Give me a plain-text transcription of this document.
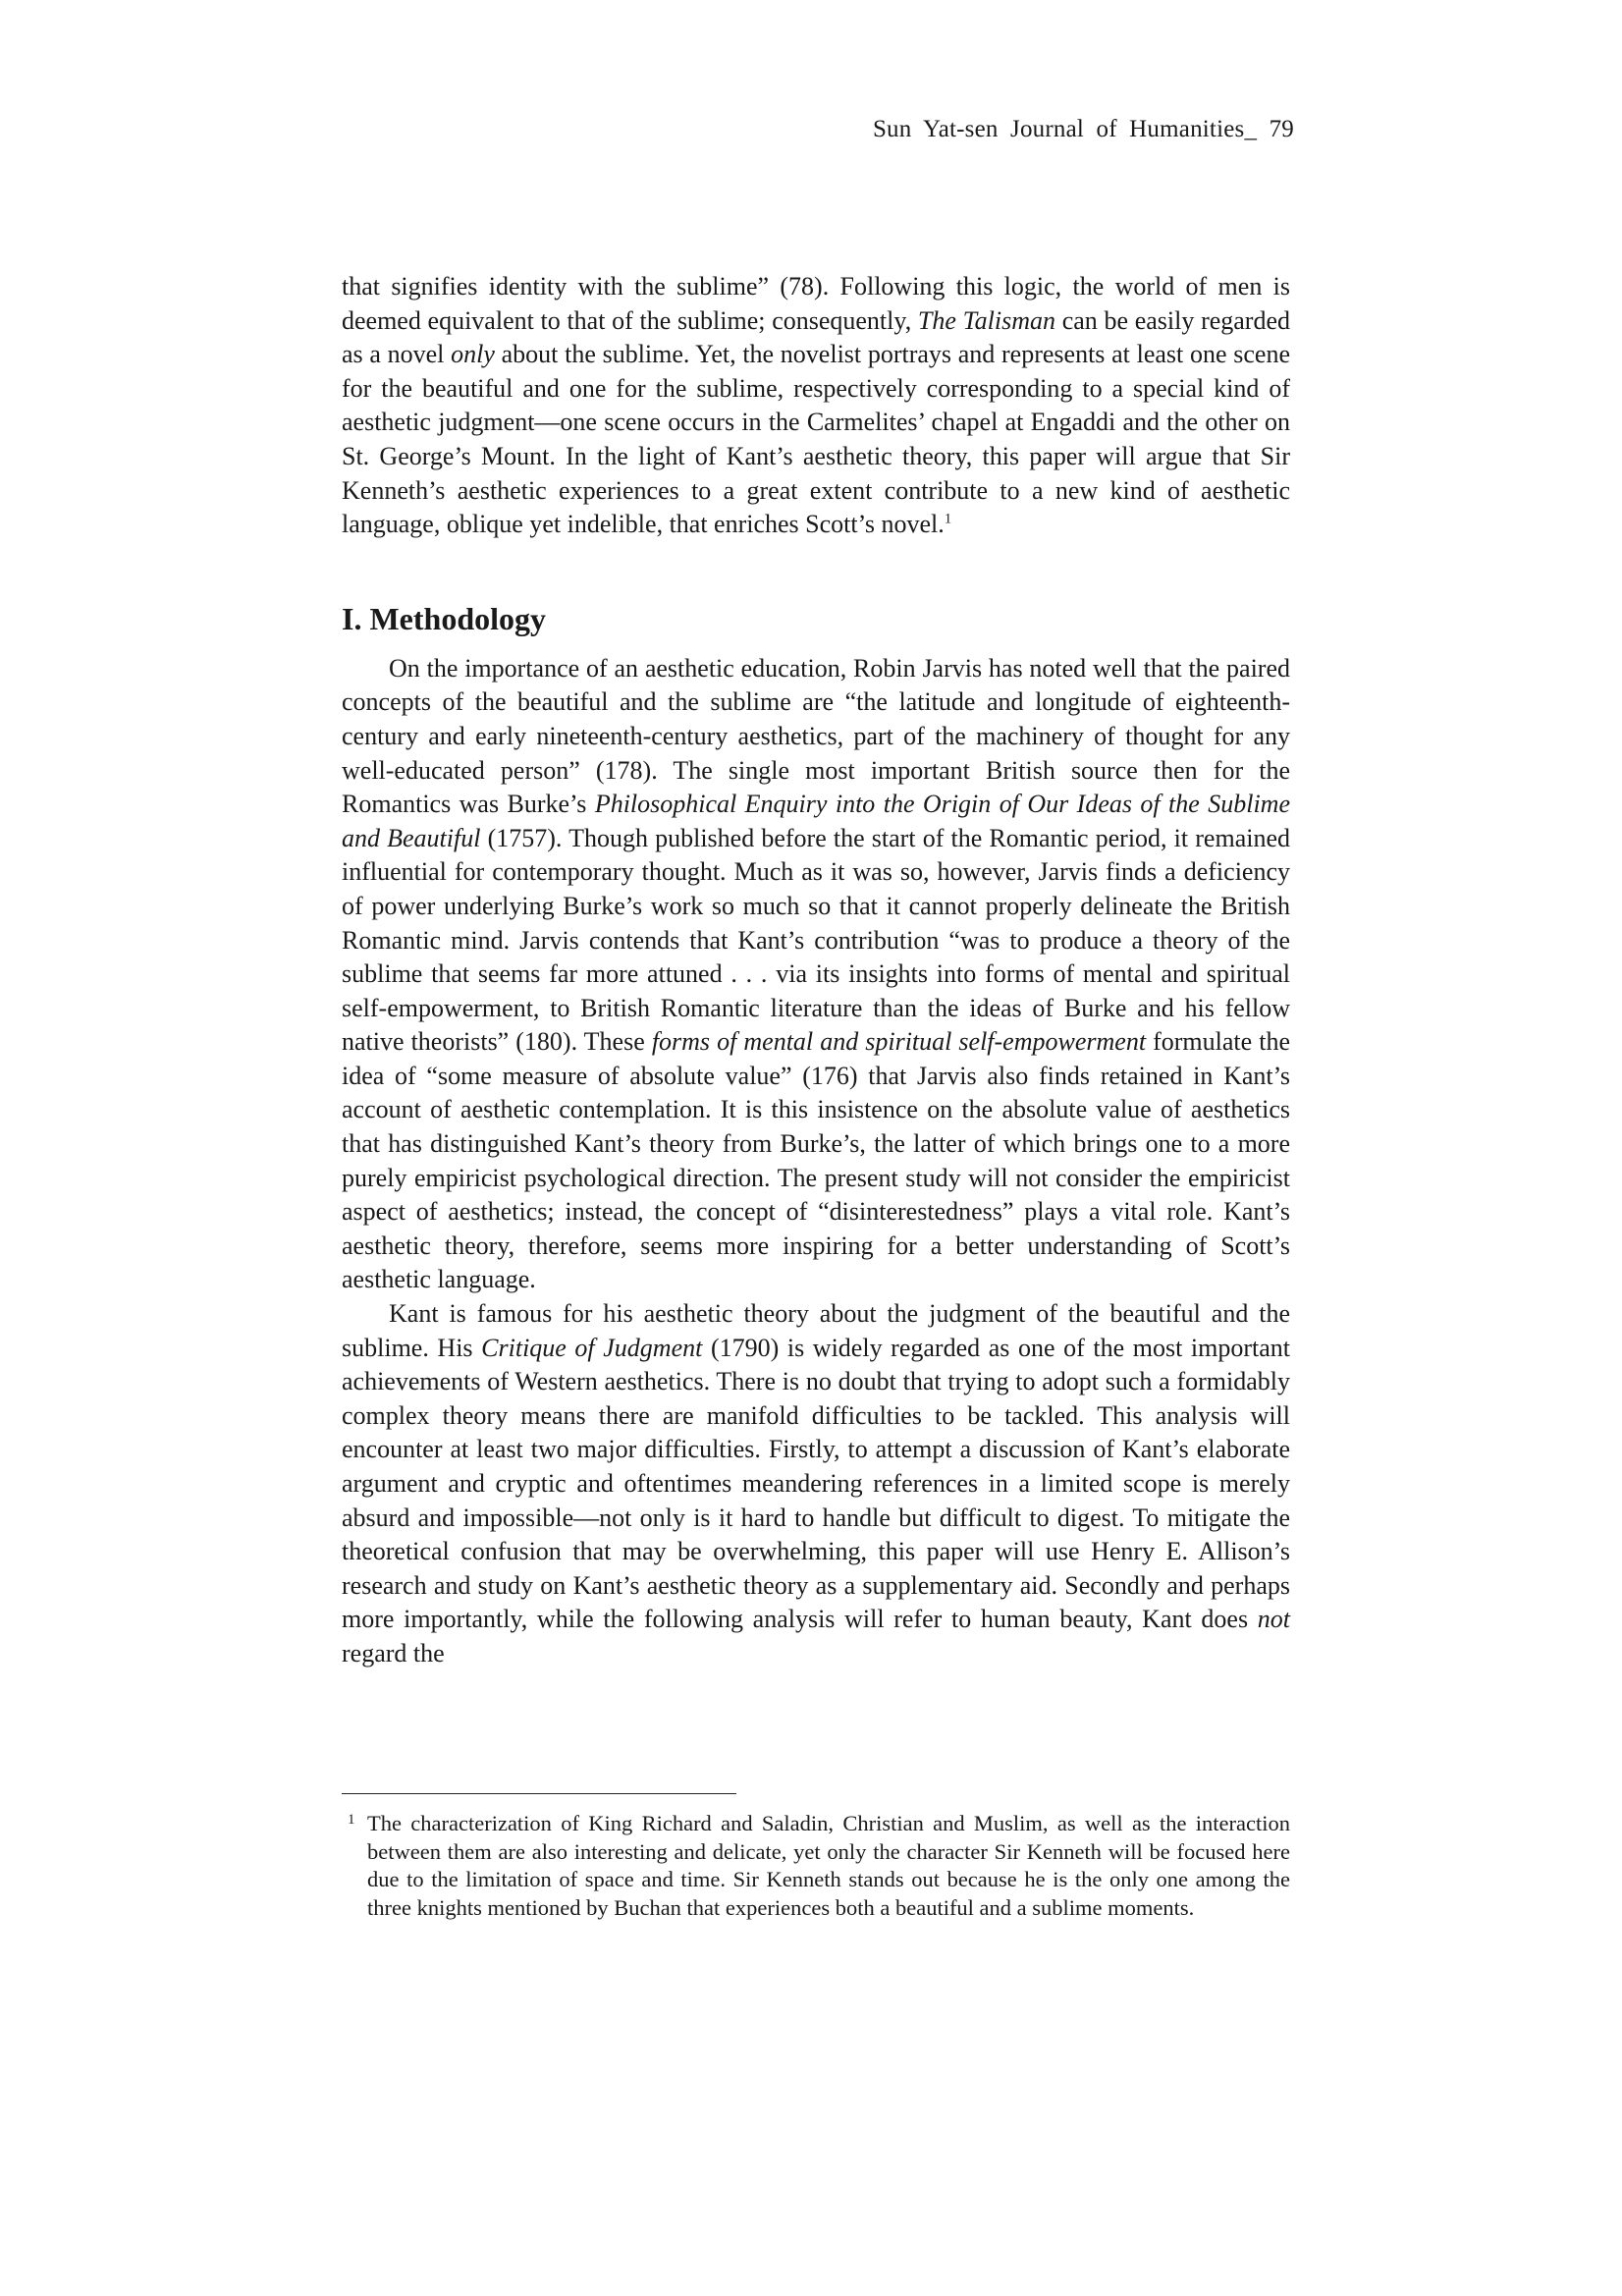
Sun Yat-sen Journal of Humanities_ 79

that signifies identity with the sublime” (78). Following this logic, the world of men is deemed equivalent to that of the sublime; consequently, The Talisman can be easily regarded as a novel only about the sublime. Yet, the novelist portrays and represents at least one scene for the beautiful and one for the sublime, respectively corresponding to a special kind of aesthetic judgment—one scene occurs in the Carmelites’ chapel at Engaddi and the other on St. George’s Mount. In the light of Kant’s aesthetic theory, this paper will argue that Sir Kenneth’s aesthetic experiences to a great extent contribute to a new kind of aesthetic language, oblique yet indelible, that enriches Scott’s novel.$^1$

I. Methodology

On the importance of an aesthetic education, Robin Jarvis has noted well that the paired concepts of the beautiful and the sublime are “the latitude and longitude of eighteenth-century and early nineteenth-century aesthetics, part of the machinery of thought for any well-educated person” (178). The single most important British source then for the Romantics was Burke’s Philosophical Enquiry into the Origin of Our Ideas of the Sublime and Beautiful (1757). Though published before the start of the Romantic period, it remained influential for contemporary thought. Much as it was so, however, Jarvis finds a deficiency of power underlying Burke’s work so much so that it cannot properly delineate the British Romantic mind. Jarvis contends that Kant’s contribution “was to produce a theory of the sublime that seems far more attuned . . . via its insights into forms of mental and spiritual self-empowerment, to British Romantic literature than the ideas of Burke and his fellow native theorists” (180). These forms of mental and spiritual self-empowerment formulate the idea of “some measure of absolute value” (176) that Jarvis also finds retained in Kant’s account of aesthetic contemplation. It is this insistence on the absolute value of aesthetics that has distinguished Kant’s theory from Burke’s, the latter of which brings one to a more purely empiricist psychological direction. The present study will not consider the empiricist aspect of aesthetics; instead, the concept of “disinterestedness” plays a vital role. Kant’s aesthetic theory, therefore, seems more inspiring for a better understanding of Scott’s aesthetic language.

Kant is famous for his aesthetic theory about the judgment of the beautiful and the sublime. His Critique of Judgment (1790) is widely regarded as one of the most important achievements of Western aesthetics. There is no doubt that trying to adopt such a formidably complex theory means there are manifold difficulties to be tackled. This analysis will encounter at least two major difficulties. Firstly, to attempt a discussion of Kant’s elaborate argument and cryptic and oftentimes meandering references in a limited scope is merely absurd and impossible—not only is it hard to handle but difficult to digest. To mitigate the theoretical confusion that may be overwhelming, this paper will use Henry E. Allison’s research and study on Kant’s aesthetic theory as a supplementary aid. Secondly and perhaps more importantly, while the following analysis will refer to human beauty, Kant does not regard the

1 The characterization of King Richard and Saladin, Christian and Muslim, as well as the interaction between them are also interesting and delicate, yet only the character Sir Kenneth will be focused here due to the limitation of space and time. Sir Kenneth stands out because he is the only one among the three knights mentioned by Buchan that experiences both a beautiful and a sublime moments.
